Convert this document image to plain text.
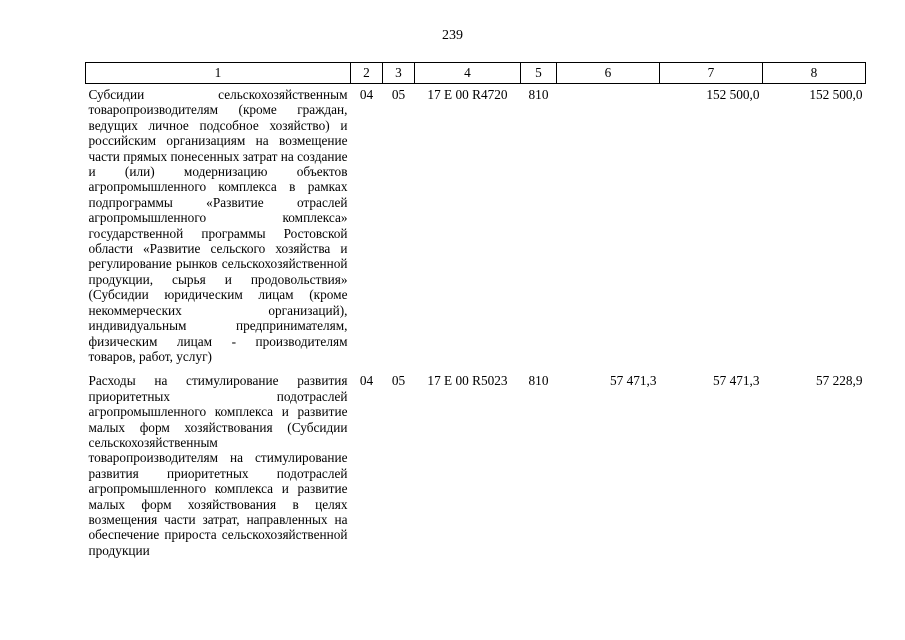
239
1	2	3	4	5	6	7	8
Субсидии сельскохозяйственным товаропроизводителям (кроме граждан, ведущих личное подсобное хозяйство) и российским организациям на возмещение части прямых понесенных затрат на создание и (или) модернизацию объектов агропромышленного комплекса в рамках подпрограммы «Развитие отраслей агропромышленного комплекса» государственной программы Ростовской области «Развитие сельского хозяйства и регулирование рынков сельскохозяйственной продукции, сырья и продовольствия» (Субсидии юридическим лицам (кроме некоммерческих организаций), индивидуальным предпринимателям, физическим лицам - производителям товаров, работ, услуг)	04	05	17 Е 00 R4720	810		152 500,0	152 500,0
Расходы на стимулирование развития приоритетных подотраслей агропромышленного комплекса и развитие малых форм хозяйствования (Субсидии сельскохозяйственным товаропроизводителям на стимулирование развития приоритетных подотраслей агропромышленного комплекса и развитие малых форм хозяйствования в целях возмещения части затрат, направленных на обеспечение прироста сельскохозяйственной продукции	04	05	17 Е 00 R5023	810	57 471,3	57 471,3	57 228,9
